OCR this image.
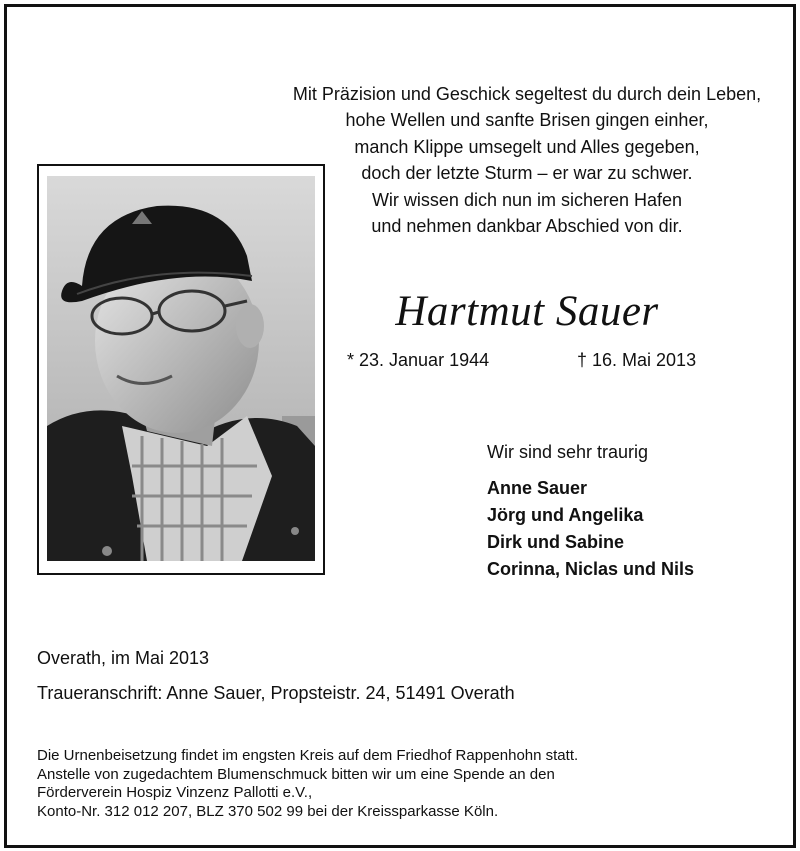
Mit Präzision und Geschick segeltest du durch dein Leben,
hohe Wellen und sanfte Brisen gingen einher,
manch Klippe umsegelt und Alles gegeben,
doch der letzte Sturm – er war zu schwer.
Wir wissen dich nun im sicheren Hafen
und nehmen dankbar Abschied von dir.
Hartmut Sauer
* 23. Januar 1944	† 16. Mai 2013
Wir sind sehr traurig
Anne Sauer
Jörg und Angelika
Dirk und Sabine
Corinna, Niclas und Nils
Overath, im Mai 2013
Traueranschrift: Anne Sauer, Propsteistr. 24, 51491 Overath
Die Urnenbeisetzung findet im engsten Kreis auf dem Friedhof Rappenhohn statt.
Anstelle von zugedachtem Blumenschmuck bitten wir um eine Spende an den
Förderverein Hospiz Vinzenz Pallotti e.V.,
Konto-Nr. 312 012 207, BLZ 370 502 99 bei der Kreissparkasse Köln.
